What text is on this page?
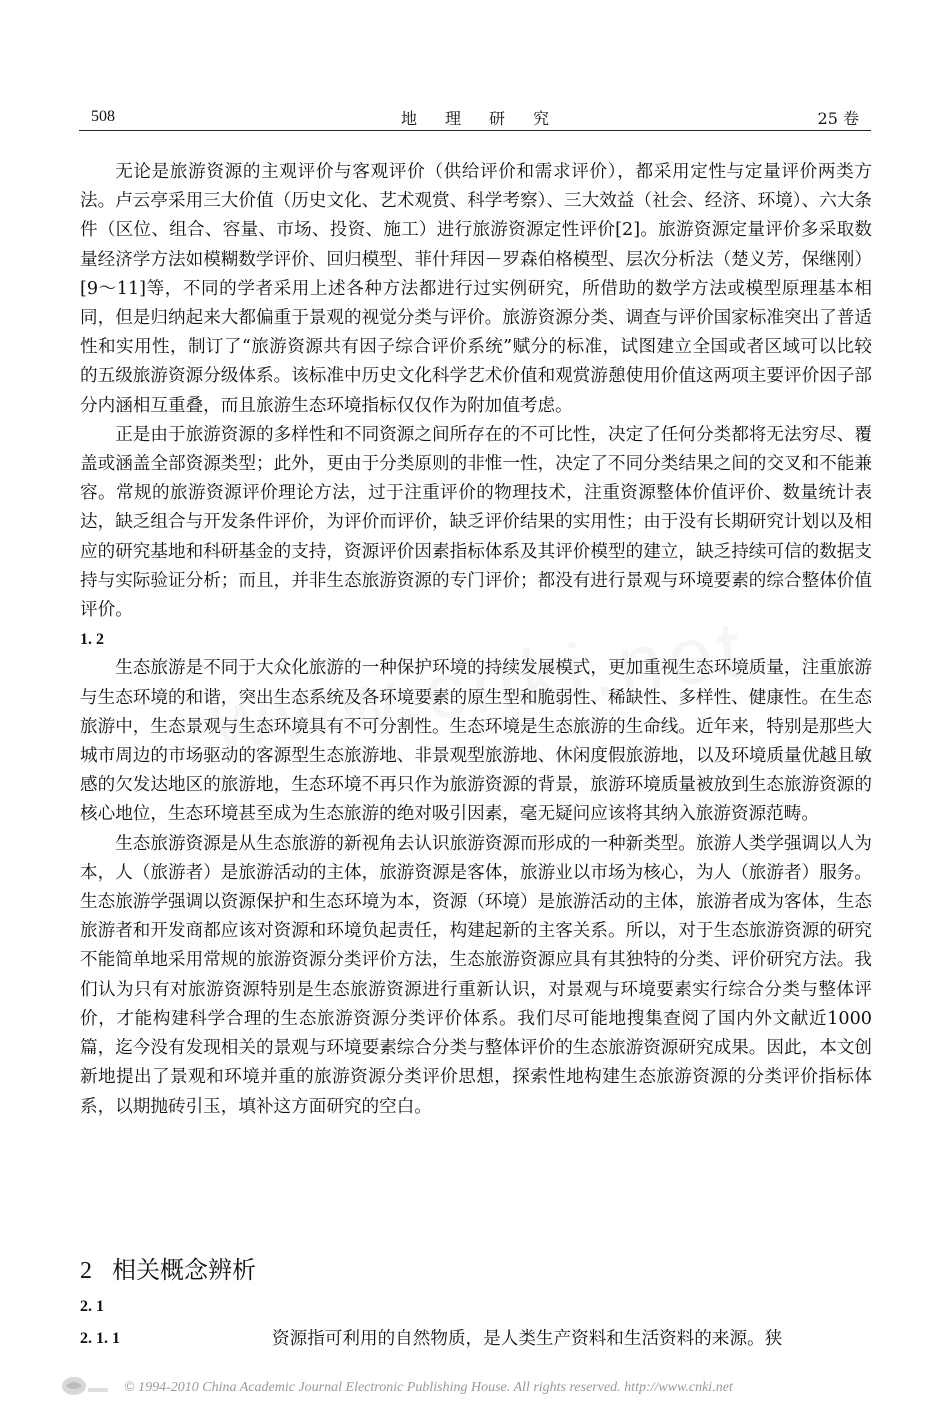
508	地理研究	25 卷

无论是旅游资源的主观评价与客观评价（供给评价和需求评价），都采用定性与定量评价两类方法。卢云亭采用三大价值（历史文化、艺术观赏、科学考察）、三大效益（社会、经济、环境）、六大条件（区位、组合、容量、市场、投资、施工）进行旅游资源定性评价[2]。旅游资源定量评价多采取数量经济学方法如模糊数学评价、回归模型、菲什拜因－罗森伯格模型、层次分析法（楚义芳，保继刚）[9～11]等，不同的学者采用上述各种方法都进行过实例研究，所借助的数学方法或模型原理基本相同，但是归纳起来大都偏重于景观的视觉分类与评价。旅游资源分类、调查与评价国家标准突出了普适性和实用性，制订了“旅游资源共有因子综合评价系统”赋分的标准，试图建立全国或者区域可以比较的五级旅游资源分级体系。该标准中历史文化科学艺术价值和观赏游憩使用价值这两项主要评价因子部分内涵相互重叠，而且旅游生态环境指标仅仅作为附加值考虑。

正是由于旅游资源的多样性和不同资源之间所存在的不可比性，决定了任何分类都将无法穷尽、覆盖或涵盖全部资源类型；此外，更由于分类原则的非惟一性，决定了不同分类结果之间的交叉和不能兼容。常规的旅游资源评价理论方法，过于注重评价的物理技术，注重资源整体价值评价、数量统计表达，缺乏组合与开发条件评价，为评价而评价，缺乏评价结果的实用性；由于没有长期研究计划以及相应的研究基地和科研基金的支持，资源评价因素指标体系及其评价模型的建立，缺乏持续可信的数据支持与实际验证分析；而且，并非生态旅游资源的专门评价；都没有进行景观与环境要素的综合整体价值评价。

1. 2

生态旅游是不同于大众化旅游的一种保护环境的持续发展模式，更加重视生态环境质量，注重旅游与生态环境的和谐，突出生态系统及各环境要素的原生型和脆弱性、稀缺性、多样性、健康性。在生态旅游中，生态景观与生态环境具有不可分割性。生态环境是生态旅游的生命线。近年来，特别是那些大城市周边的市场驱动的客源型生态旅游地、非景观型旅游地、休闲度假旅游地，以及环境质量优越且敏感的欠发达地区的旅游地，生态环境不再只作为旅游资源的背景，旅游环境质量被放到生态旅游资源的核心地位，生态环境甚至成为生态旅游的绝对吸引因素，毫无疑问应该将其纳入旅游资源范畴。

生态旅游资源是从生态旅游的新视角去认识旅游资源而形成的一种新类型。旅游人类学强调以人为本，人（旅游者）是旅游活动的主体，旅游资源是客体，旅游业以市场为核心，为人（旅游者）服务。生态旅游学强调以资源保护和生态环境为本，资源（环境）是旅游活动的主体，旅游者成为客体，生态旅游者和开发商都应该对资源和环境负起责任，构建起新的主客关系。所以，对于生态旅游资源的研究不能简单地采用常规的旅游资源分类评价方法，生态旅游资源应具有其独特的分类、评价研究方法。我们认为只有对旅游资源特别是生态旅游资源进行重新认识，对景观与环境要素实行综合分类与整体评价，才能构建科学合理的生态旅游资源分类评价体系。我们尽可能地搜集查阅了国内外文献近1000 篇，迄今没有发现相关的景观与环境要素综合分类与整体评价的生态旅游资源研究成果。因此，本文创新地提出了景观和环境并重的旅游资源分类评价思想，探索性地构建生态旅游资源的分类评价指标体系，以期抛砖引玉，填补这方面研究的空白。

2 相关概念辨析
2. 1
2. 1. 1	资源指可利用的自然物质，是人类生产资料和生活资料的来源。狭
© 1994-2010 China Academic Journal Electronic Publishing House. All rights reserved. http://www.cnki.net
